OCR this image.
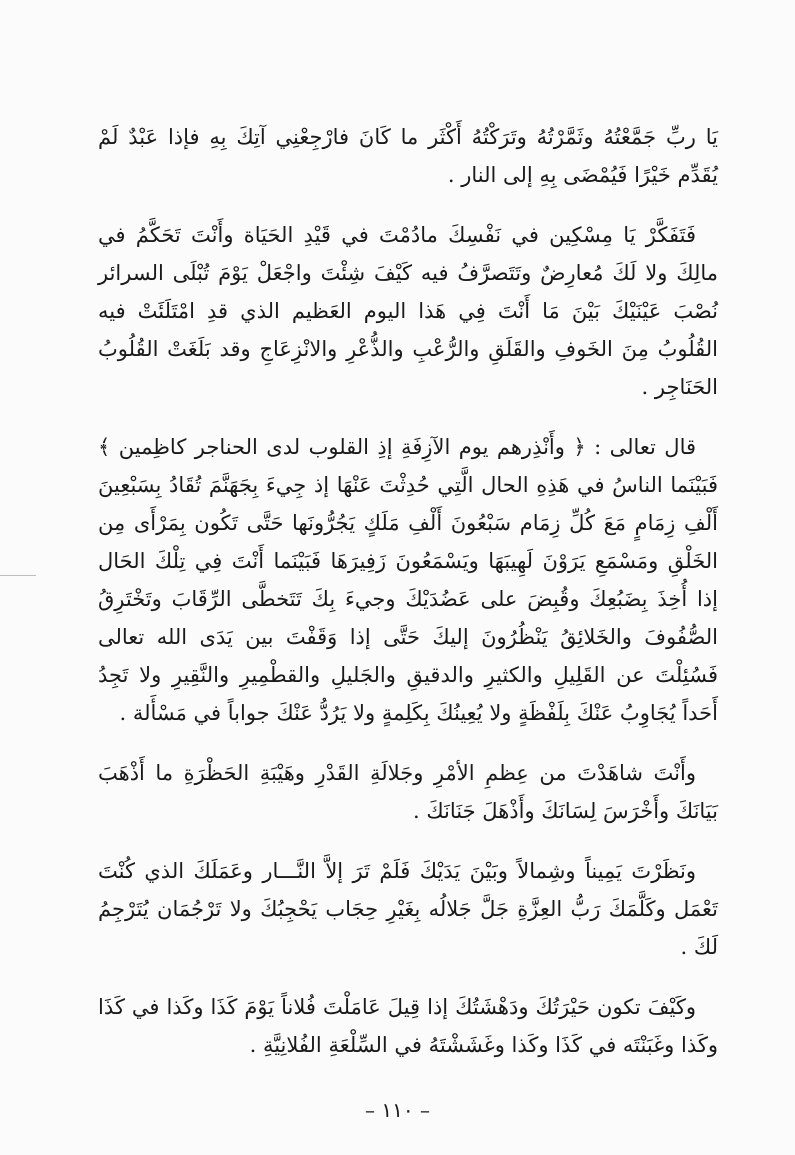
يَا ربِّ جَمَّعْتُهُ وثَمَّرْتُهُ وتَرَكْتُهُ أَكْثَر ما كَانَ فارْجِعْنِي آتِكَ بِهِ فإذا عَبْدٌ لَمْ يُقَدِّم خَيْرًا فَيُمْضَى بِهِ إلى النار .

فَتَفَكَّرْ يَا مِسْكِين في نَفْسِكَ مادُمْتَ في قَيْدِ الحَيَاة وأَنْتَ تَحَكَّمُ في مالِكَ ولا لَكَ مُعارِضٌ وتَتَصرَّفُ فيه كَيْفَ شِئْتَ واجْعَلْ يَوْمَ تُبْلَى السرائر نُصْبَ عَيْنَيْكَ بَيْنَ مَا أَنْتَ فِي هَذا اليوم العَظيم الذي قدِ امْتَلَئَتْ فيه القُلُوبُ مِنَ الخَوفِ والقَلَقِ والرُّعْبِ والذُّعْرِ والانْزِعَاجِ وقد بَلَغَتْ القُلُوبُ الحَنَاجِر .

قال تعالى : ﴿ وأَنْذِرهم يوم الآزِفَةِ إذِ القلوب لدى الحناجر كاظِمين ﴾ فَبَيْنَما الناسُ في هَذِهِ الحال الَّتِي حُدِثْتَ عَنْهَا إذ جِيءَ بِجَهَنَّمَ تُقَادُ بِسَبْعِينَ أَلْفِ زِمَامٍ مَعَ كُلِّ زِمَام سَبْعُونَ أَلْفِ مَلَكٍ يَجُرُّونَها حَتَّى تَكُون بِمَرْأَى مِن الخَلْقِ ومَسْمَعِ يَرَوْنَ لَهِيبَهَا ويَسْمَعُونَ زَفِيرَهَا فَبَيْنَما أَنْتَ فِي تِلْكَ الحَال إذا أُخِذَ بِضَبُعِكَ وقُبِضَ على عَضُدَيْكَ وجيءَ بِكَ تَتَخطَّى الرِّقَابَ وتَخْتَرِقُ الصُّفُوفَ والخَلائِقُ يَنْظُرُونَ إليكَ حَتَّى إذا وَقَفْتَ بين يَدَى الله تعالى فَسُئِلْتَ عن القَلِيلِ والكثيرِ والدقيقِ والجَليلِ والقطْمِيرِ والنَّقِيرِ ولا تَجِدُ أَحَداً يُجَاوِبُ عَنْكَ بِلَفْظَةٍ ولا يُعِينُكَ بِكَلِمةٍ ولا يَرُدُّ عَنْكَ جواباً في مَسْأَلة .

وأَنْتَ شاهَدْتَ من عِظمِ الأمْرِ وجَلالَةِ القَدْرِ وهَيْبَةِ الحَظْرَةِ ما أَذْهَبَ بَيَانَكَ وأَخْرَسَ لِسَانَكَ وأَذْهَلَ جَنَانَكَ .

ونَظَرْتَ يَمِيناً وشِمالاً وبَيْنَ يَدَيْكَ فَلَمْ تَرَ إلاَّ النَّـــار وعَمَلَكَ الذي كُنْتَ تَعْمَل وكَلَّمَكَ رَبُّ العِزَّةِ جَلَّ جَلالُه بِغَيْرِ حِجَاب يَحْجِبُكَ ولا تَرْجُمَان يُتَرْجِمُ لَكَ .

وكَيْفَ تكون حَيْرَتُكَ ودَهْشَتُكَ إذا قِيلَ عَامَلْتَ فُلاناً يَوْمَ كَذَا وكَذا في كَذَا وكَذا وغَبَنْتَه في كَذَا وكَذا وغَشَشْتَهُ في السِّلْعَةِ الفُلانِيَّةِ .

– ١١٠ –
